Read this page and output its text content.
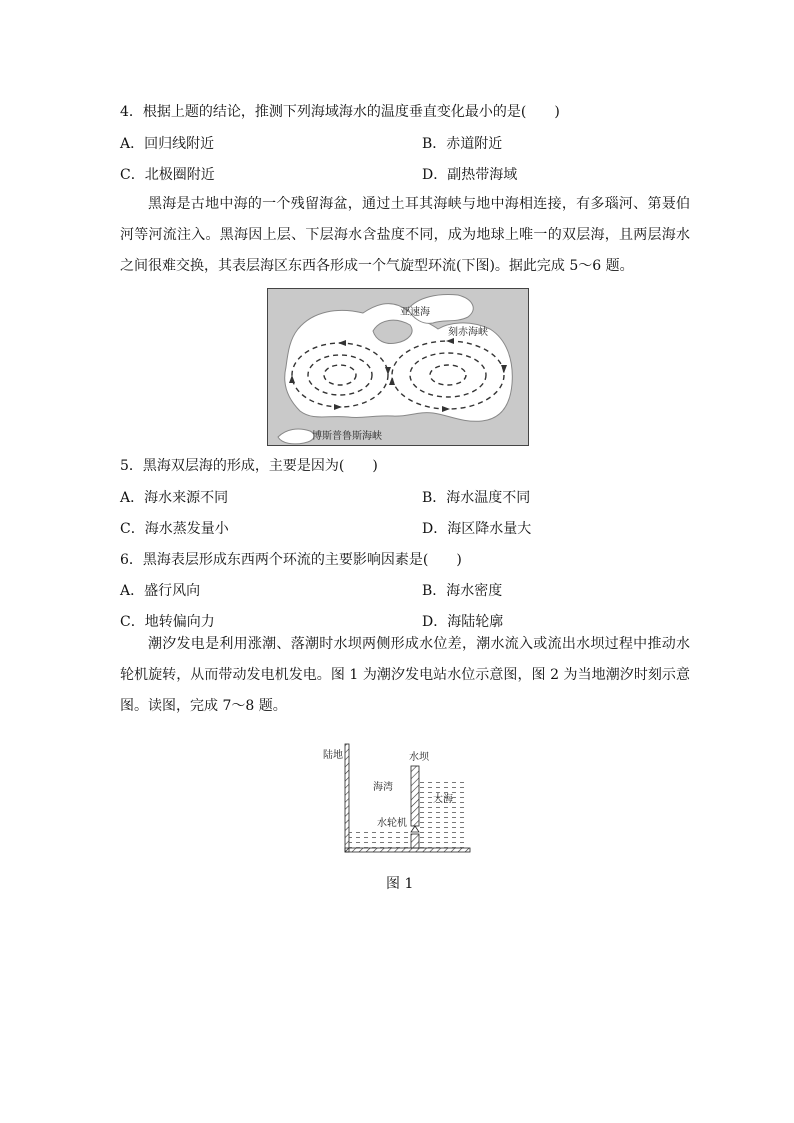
4．根据上题的结论，推测下列海域海水的温度垂直变化最小的是(　　)
A．回归线附近	B．赤道附近
C．北极圈附近	D．副热带海域
黑海是古地中海的一个残留海盆，通过土耳其海峡与地中海相连接，有多瑙河、第聂伯河等河流注入。黑海因上层、下层海水含盐度不同，成为地球上唯一的双层海，且两层海水之间很难交换，其表层海区东西各形成一个气旋型环流(下图)。据此完成 5～6 题。
亚速海
刻赤海峡
博斯普鲁斯海峡
5．黑海双层海的形成，主要是因为(　　)
A．海水来源不同	B．海水温度不同
C．海水蒸发量小	D．海区降水量大
6．黑海表层形成东西两个环流的主要影响因素是(　　)
A．盛行风向	B．海水密度
C．地转偏向力	D．海陆轮廓
潮汐发电是利用涨潮、落潮时水坝两侧形成水位差，潮水流入或流出水坝过程中推动水轮机旋转，从而带动发电机发电。图 1 为潮汐发电站水位示意图，图 2 为当地潮汐时刻示意图。读图，完成 7～8 题。
陆地	水坝
海湾
大海
水轮机
图 1
